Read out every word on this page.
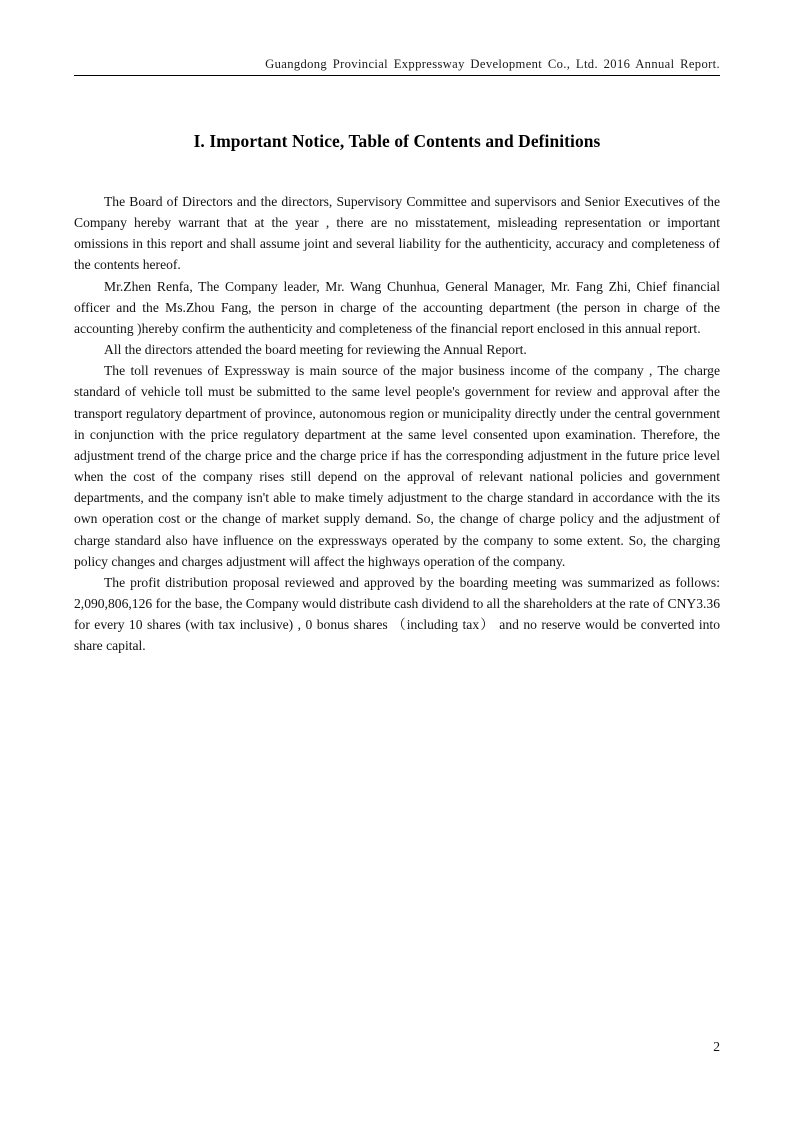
Guangdong Provincial Exppressway Development Co., Ltd. 2016 Annual Report.
I. Important Notice, Table of Contents and Definitions

The Board of Directors and the directors, Supervisory Committee and supervisors and Senior Executives of the Company hereby warrant that at the year , there are no misstatement, misleading representation or important omissions in this report and shall assume joint and several liability for the authenticity, accuracy and completeness of the contents hereof.

Mr.Zhen Renfa, The Company leader, Mr. Wang Chunhua, General Manager, Mr. Fang Zhi, Chief financial officer and the Ms.Zhou Fang, the person in charge of the accounting department (the person in charge of the accounting )hereby confirm the authenticity and completeness of the financial report enclosed in this annual report.

All the directors attended the board meeting for reviewing the Annual Report.

The toll revenues of Expressway is main source of the major business income of the company , The charge standard of vehicle toll must be submitted to the same level people's government for review and approval after the transport regulatory department of province, autonomous region or municipality directly under the central government in conjunction with the price regulatory department at the same level consented upon examination. Therefore, the adjustment trend of the charge price and the charge price if has the corresponding adjustment in the future price level when the cost of the company rises still depend on the approval of relevant national policies and government departments, and the company isn't able to make timely adjustment to the charge standard in accordance with the its own operation cost or the change of market supply demand. So, the change of charge policy and the adjustment of charge standard also have influence on the expressways operated by the company to some extent. So, the charging policy changes and charges adjustment will affect the highways operation of the company.

The profit distribution proposal reviewed and approved by the boarding meeting was summarized as follows: 2,090,806,126 for the base, the Company would distribute cash dividend to all the shareholders at the rate of CNY3.36 for every 10 shares (with tax inclusive) , 0 bonus shares （including tax） and no reserve would be converted into share capital.

2
